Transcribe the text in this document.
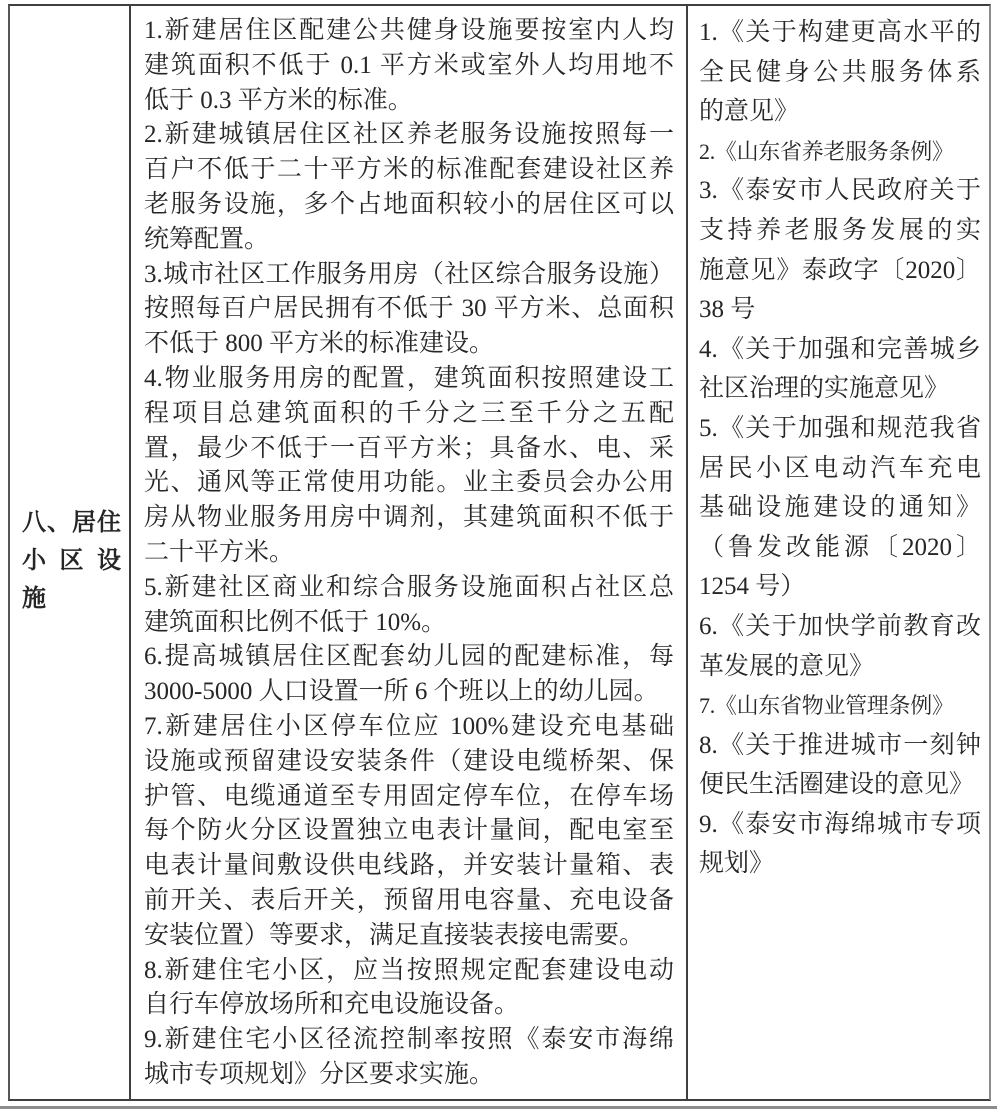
八、居住
小区设
施
1.新建居住区配建公共健身设施要按室内人均
建筑面积不低于 0.1 平方米或室外人均用地不
低于 0.3 平方米的标准。
2.新建城镇居住区社区养老服务设施按照每一
百户不低于二十平方米的标准配套建设社区养
老服务设施，多个占地面积较小的居住区可以
统筹配置。
3.城市社区工作服务用房（社区综合服务设施）
按照每百户居民拥有不低于 30 平方米、总面积
不低于 800 平方米的标准建设。
4.物业服务用房的配置，建筑面积按照建设工
程项目总建筑面积的千分之三至千分之五配
置，最少不低于一百平方米；具备水、电、采
光、通风等正常使用功能。业主委员会办公用
房从物业服务用房中调剂，其建筑面积不低于
二十平方米。
5.新建社区商业和综合服务设施面积占社区总
建筑面积比例不低于 10%。
6.提高城镇居住区配套幼儿园的配建标准，每
3000-5000 人口设置一所 6 个班以上的幼儿园。
7.新建居住小区停车位应 100%建设充电基础
设施或预留建设安装条件（建设电缆桥架、保
护管、电缆通道至专用固定停车位，在停车场
每个防火分区设置独立电表计量间，配电室至
电表计量间敷设供电线路，并安装计量箱、表
前开关、表后开关，预留用电容量、充电设备
安装位置）等要求，满足直接装表接电需要。
8.新建住宅小区，应当按照规定配套建设电动
自行车停放场所和充电设施设备。
9.新建住宅小区径流控制率按照《泰安市海绵
城市专项规划》分区要求实施。
1.《关于构建更高水平的
全民健身公共服务体系
的意见》
2.《山东省养老服务条例》
3.《泰安市人民政府关于
支持养老服务发展的实
施意见》泰政字〔2020〕
38 号
4.《关于加强和完善城乡
社区治理的实施意见》
5.《关于加强和规范我省
居民小区电动汽车充电
基础设施建设的通知》
（鲁发改能源〔2020〕
1254 号）
6.《关于加快学前教育改
革发展的意见》
7.《山东省物业管理条例》
8.《关于推进城市一刻钟
便民生活圈建设的意见》
9.《泰安市海绵城市专项
规划》
